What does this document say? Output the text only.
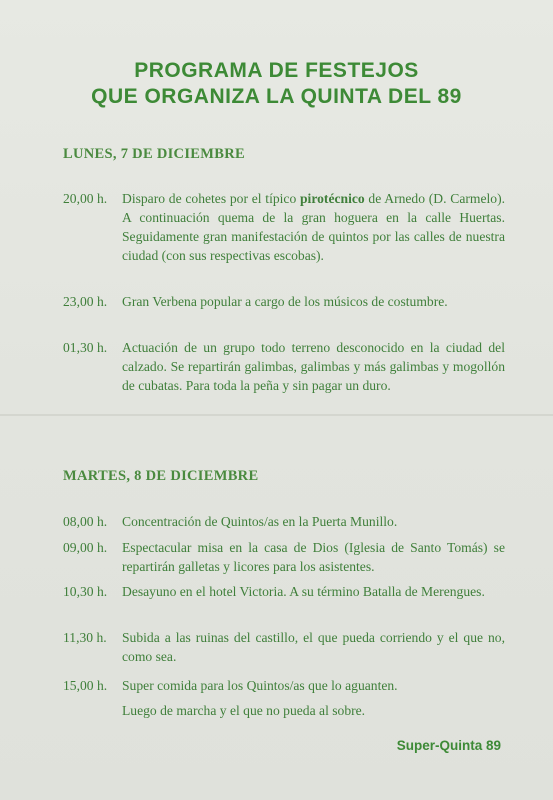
PROGRAMA DE FESTEJOS
QUE ORGANIZA LA QUINTA DEL 89
LUNES, 7 DE DICIEMBRE
20,00 h.	Disparo de cohetes por el típico pirotécnico de Arnedo (D. Carmelo). A continuación quema de la gran hoguera en la calle Huertas. Seguidamente gran manifestación de quintos por las calles de nuestra ciudad (con sus respectivas escobas).
23,00 h.	Gran Verbena popular a cargo de los músicos de costumbre.
01,30 h.	Actuación de un grupo todo terreno desconocido en la ciudad del calzado. Se repartirán galimbas, galimbas y más galimbas y mogollón de cubatas. Para toda la peña y sin pagar un duro.
MARTES, 8 DE DICIEMBRE
08,00 h.	Concentración de Quintos/as en la Puerta Munillo.
09,00 h.	Espectacular misa en la casa de Dios (Iglesia de Santo Tomás) se repartirán galletas y licores para los asistentes.
10,30 h.	Desayuno en el hotel Victoria. A su término Batalla de Merengues.
11,30 h.	Subida a las ruinas del castillo, el que pueda corriendo y el que no, como sea.
15,00 h.	Super comida para los Quintos/as que lo aguanten.
Luego de marcha y el que no pueda al sobre.
Super-Quinta 89
